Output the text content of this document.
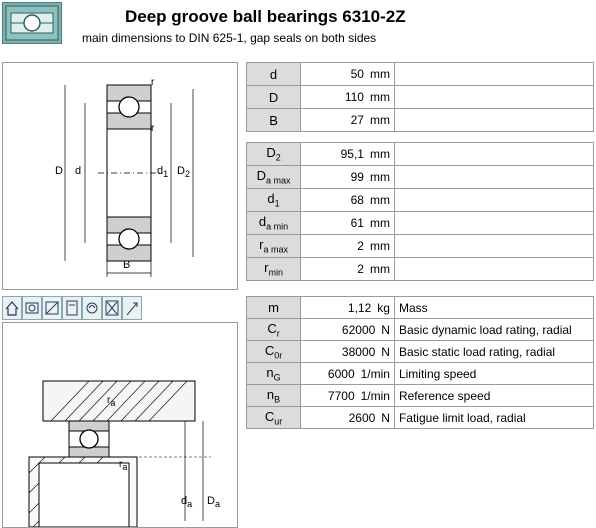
Deep groove ball bearings 6310-2Z
main dimensions to DIN 625-1, gap seals on both sides
D d	$d_1$ $D_2$
B
r
r
$r_a$
$r_a$
$d_a$ $D_a$
d	50 mm	
D	110 mm	
B	27 mm	
$D_2$	95,1 mm	
$D_{a max}$	99 mm	
$d_1$	68 mm	
$d_{a min}$	61 mm	
$r_{a max}$	2 mm	
$r_{min}$	2 mm	
m	1,12 kg	Mass
$C_r$	62000 N	Basic dynamic load rating, radial
$C_{0r}$	38000 N	Basic static load rating, radial
$n_G$	6000 1/min	Limiting speed
$n_B$	7700 1/min	Reference speed
$C_{ur}$	2600 N	Fatigue limit load, radial
